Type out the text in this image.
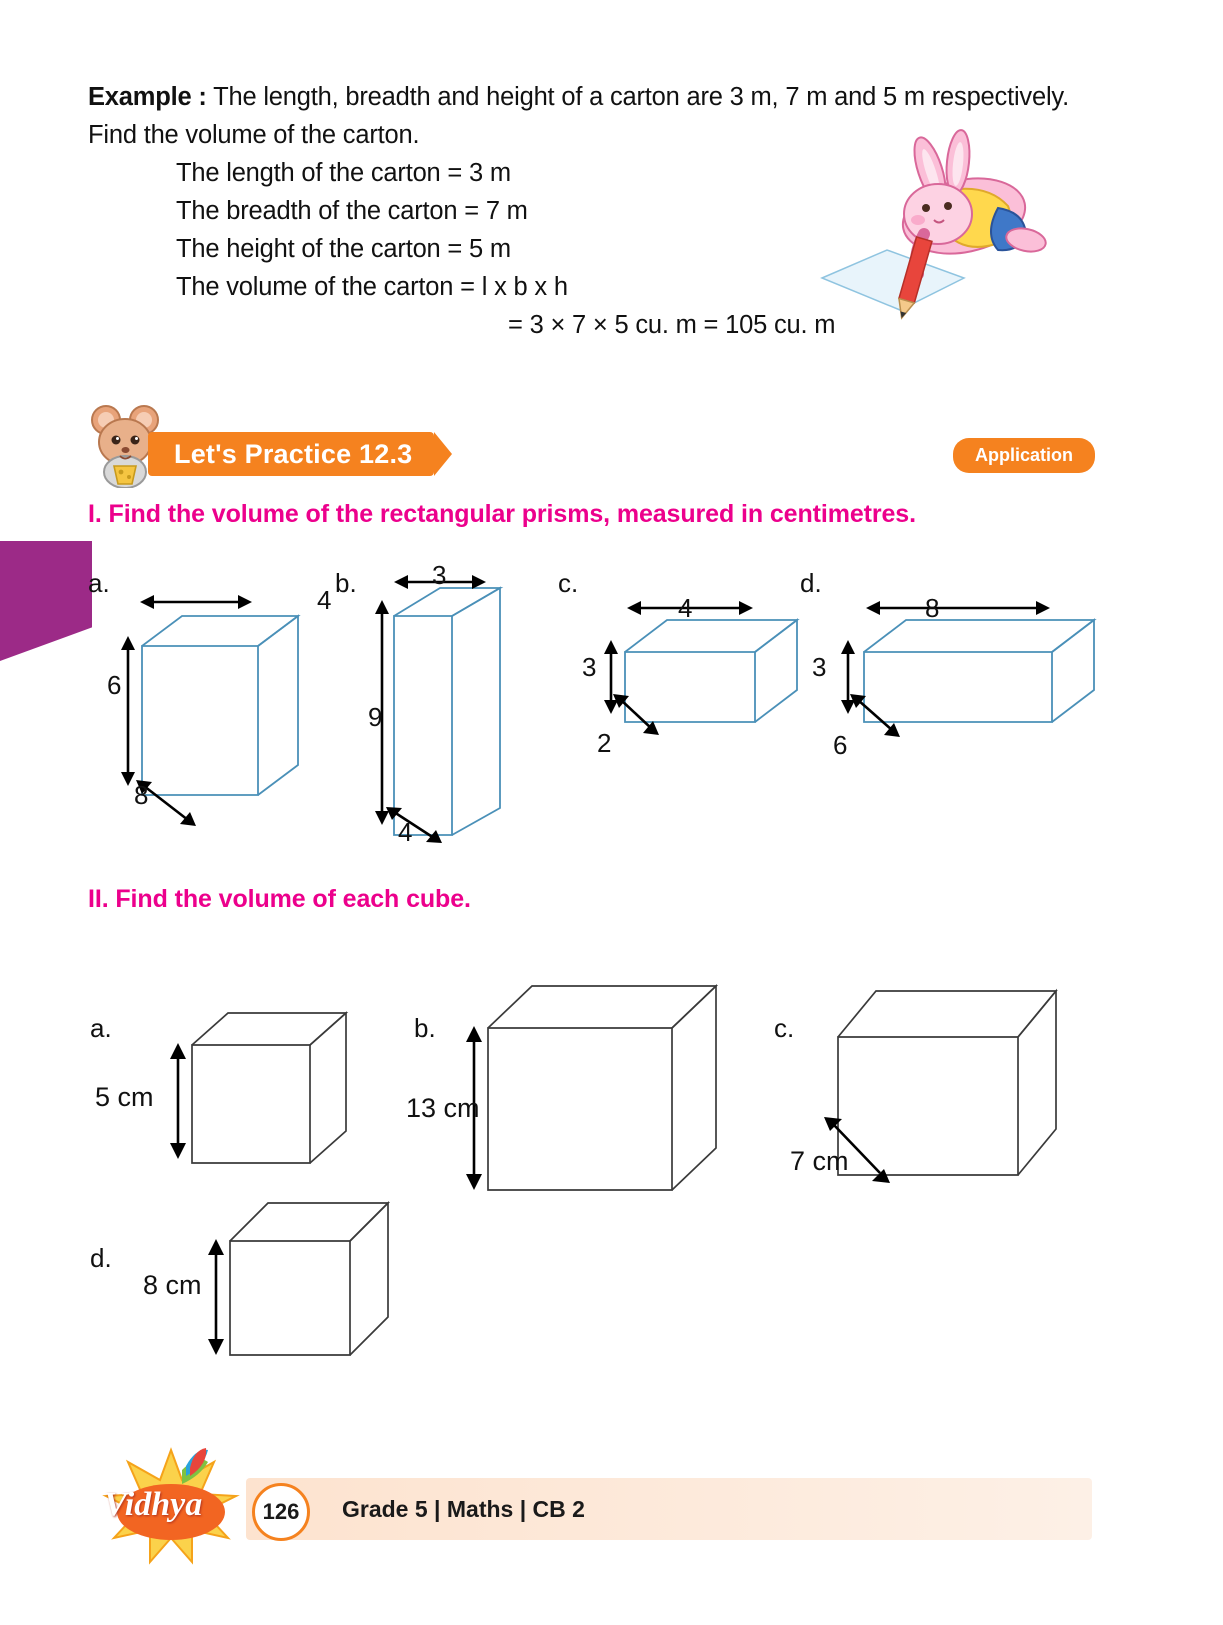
Example : The length, breadth and height of a carton are 3 m, 7 m and 5 m respectively. Find the volume of the carton.
The length of the carton = 3 m
The breadth of the carton = 7 m
The height of the carton = 5 m
The volume of the carton = l x b x h
= 3 × 7 × 5 cu. m = 105 cu. m
Let's Practice 12.3	Application
I. Find the volume of the rectangular prisms, measured in centimetres.
a.
4
6
8
b.	3
9
4
c.
4
3
2
d.
8
3
6
II. Find the volume of each cube.
a.
5 cm
b.
13 cm
c.
7 cm
d.
8 cm
Grade 5 | Maths | CB 2
126
Vidhya
